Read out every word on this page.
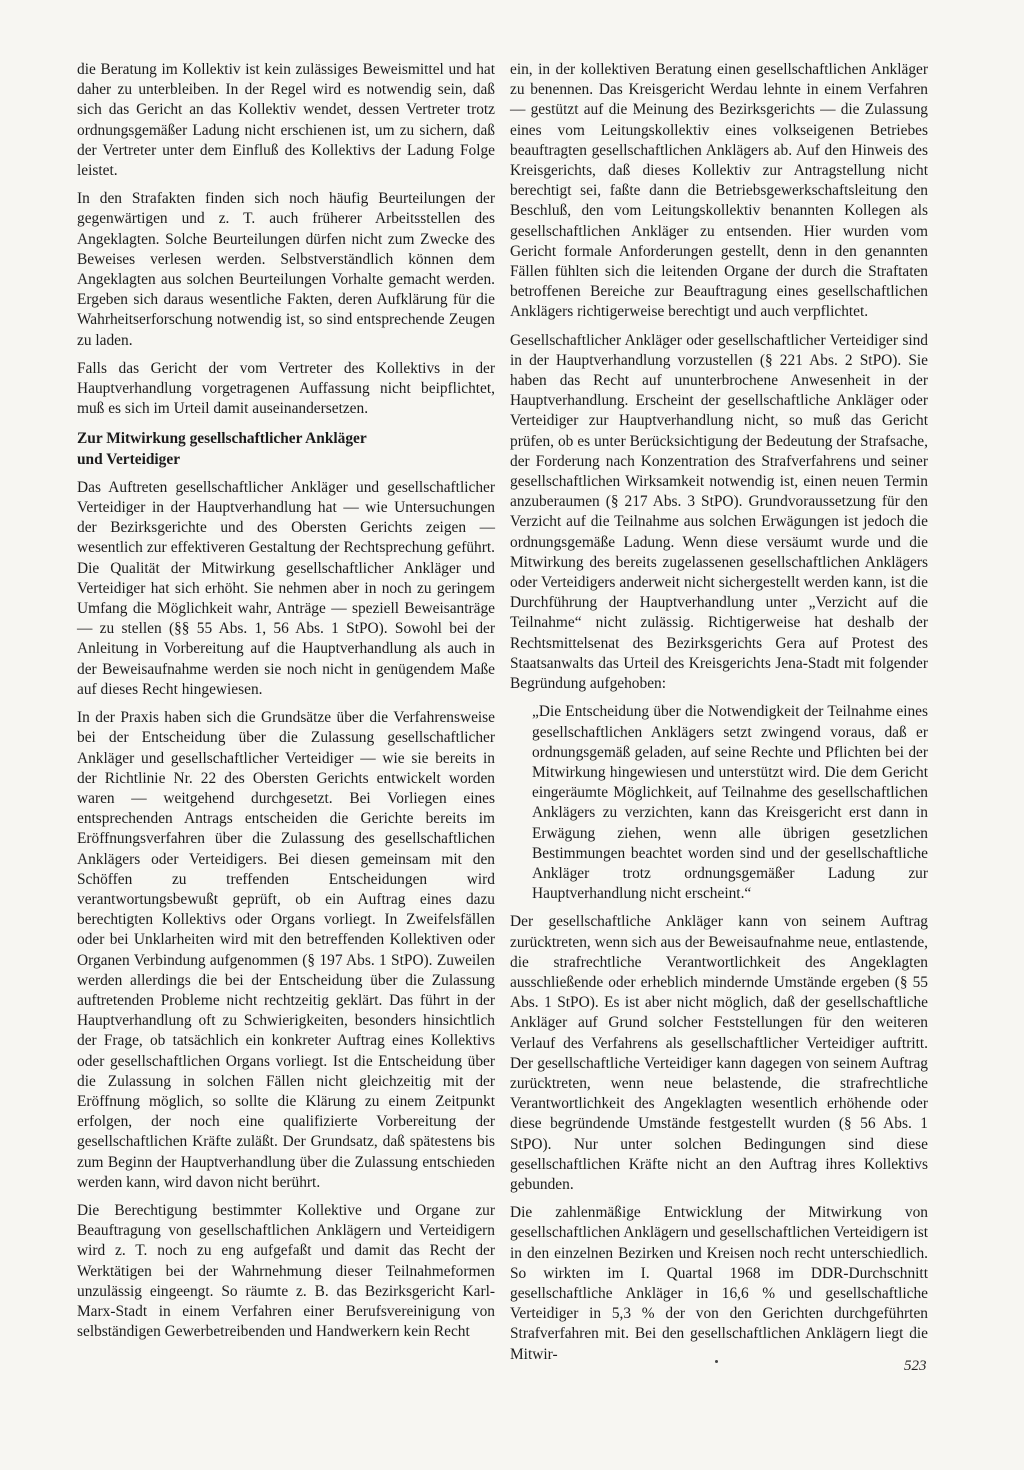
die Beratung im Kollektiv ist kein zulässiges Beweismittel und hat daher zu unterbleiben. In der Regel wird es notwendig sein, daß sich das Gericht an das Kollektiv wendet, dessen Vertreter trotz ordnungsgemäßer Ladung nicht erschienen ist, um zu sichern, daß der Vertreter unter dem Einfluß des Kollektivs der Ladung Folge leistet.

In den Strafakten finden sich noch häufig Beurteilungen der gegenwärtigen und z. T. auch früherer Arbeitsstellen des Angeklagten. Solche Beurteilungen dürfen nicht zum Zwecke des Beweises verlesen werden. Selbstverständlich können dem Angeklagten aus solchen Beurteilungen Vorhalte gemacht werden. Ergeben sich daraus wesentliche Fakten, deren Aufklärung für die Wahrheitserforschung notwendig ist, so sind entsprechende Zeugen zu laden.

Falls das Gericht der vom Vertreter des Kollektivs in der Hauptverhandlung vorgetragenen Auffassung nicht beipflichtet, muß es sich im Urteil damit auseinandersetzen.

Zur Mitwirkung gesellschaftlicher Ankläger
und Verteidiger

Das Auftreten gesellschaftlicher Ankläger und gesellschaftlicher Verteidiger in der Hauptverhandlung hat — wie Untersuchungen der Bezirksgerichte und des Obersten Gerichts zeigen — wesentlich zur effektiveren Gestaltung der Rechtsprechung geführt. Die Qualität der Mitwirkung gesellschaftlicher Ankläger und Verteidiger hat sich erhöht. Sie nehmen aber in noch zu geringem Umfang die Möglichkeit wahr, Anträge — speziell Beweisanträge — zu stellen (§§ 55 Abs. 1, 56 Abs. 1 StPO). Sowohl bei der Anleitung in Vorbereitung auf die Hauptverhandlung als auch in der Beweisaufnahme werden sie noch nicht in genügendem Maße auf dieses Recht hingewiesen.

In der Praxis haben sich die Grundsätze über die Verfahrensweise bei der Entscheidung über die Zulassung gesellschaftlicher Ankläger und gesellschaftlicher Verteidiger — wie sie bereits in der Richtlinie Nr. 22 des Obersten Gerichts entwickelt worden waren — weitgehend durchgesetzt. Bei Vorliegen eines entsprechenden Antrags entscheiden die Gerichte bereits im Eröffnungsverfahren über die Zulassung des gesellschaftlichen Anklägers oder Verteidigers. Bei diesen gemeinsam mit den Schöffen zu treffenden Entscheidungen wird verantwortungsbewußt geprüft, ob ein Auftrag eines dazu berechtigten Kollektivs oder Organs vorliegt. In Zweifelsfällen oder bei Unklarheiten wird mit den betreffenden Kollektiven oder Organen Verbindung aufgenommen (§ 197 Abs. 1 StPO). Zuweilen werden allerdings die bei der Entscheidung über die Zulassung auftretenden Probleme nicht rechtzeitig geklärt. Das führt in der Hauptverhandlung oft zu Schwierigkeiten, besonders hinsichtlich der Frage, ob tatsächlich ein konkreter Auftrag eines Kollektivs oder gesellschaftlichen Organs vorliegt. Ist die Entscheidung über die Zulassung in solchen Fällen nicht gleichzeitig mit der Eröffnung möglich, so sollte die Klärung zu einem Zeitpunkt erfolgen, der noch eine qualifizierte Vorbereitung der gesellschaftlichen Kräfte zuläßt. Der Grundsatz, daß spätestens bis zum Beginn der Hauptverhandlung über die Zulassung entschieden werden kann, wird davon nicht berührt.

Die Berechtigung bestimmter Kollektive und Organe zur Beauftragung von gesellschaftlichen Anklägern und Verteidigern wird z. T. noch zu eng aufgefaßt und damit das Recht der Werktätigen bei der Wahrnehmung dieser Teilnahmeformen unzulässig eingeengt. So räumte z. B. das Bezirksgericht Karl-Marx-Stadt in einem Verfahren einer Berufsvereinigung von selbständigen Gewerbetreibenden und Handwerkern kein Recht

ein, in der kollektiven Beratung einen gesellschaftlichen Ankläger zu benennen. Das Kreisgericht Werdau lehnte in einem Verfahren — gestützt auf die Meinung des Bezirksgerichts — die Zulassung eines vom Leitungskollektiv eines volkseigenen Betriebes beauftragten gesellschaftlichen Anklägers ab. Auf den Hinweis des Kreisgerichts, daß dieses Kollektiv zur Antragstellung nicht berechtigt sei, faßte dann die Betriebsgewerkschaftsleitung den Beschluß, den vom Leitungskollektiv benannten Kollegen als gesellschaftlichen Ankläger zu entsenden. Hier wurden vom Gericht formale Anforderungen gestellt, denn in den genannten Fällen fühlten sich die leitenden Organe der durch die Straftaten betroffenen Bereiche zur Beauftragung eines gesellschaftlichen Anklägers richtigerweise berechtigt und auch verpflichtet.

Gesellschaftlicher Ankläger oder gesellschaftlicher Verteidiger sind in der Hauptverhandlung vorzustellen (§ 221 Abs. 2 StPO). Sie haben das Recht auf ununterbrochene Anwesenheit in der Hauptverhandlung. Erscheint der gesellschaftliche Ankläger oder Verteidiger zur Hauptverhandlung nicht, so muß das Gericht prüfen, ob es unter Berücksichtigung der Bedeutung der Strafsache, der Forderung nach Konzentration des Strafverfahrens und seiner gesellschaftlichen Wirksamkeit notwendig ist, einen neuen Termin anzuberaumen (§ 217 Abs. 3 StPO). Grundvoraussetzung für den Verzicht auf die Teilnahme aus solchen Erwägungen ist jedoch die ordnungsgemäße Ladung. Wenn diese versäumt wurde und die Mitwirkung des bereits zugelassenen gesellschaftlichen Anklägers oder Verteidigers anderweit nicht sichergestellt werden kann, ist die Durchführung der Hauptverhandlung unter „Verzicht auf die Teilnahme“ nicht zulässig. Richtigerweise hat deshalb der Rechtsmittelsenat des Bezirksgerichts Gera auf Protest des Staatsanwalts das Urteil des Kreisgerichts Jena-Stadt mit folgender Begründung aufgehoben:

„Die Entscheidung über die Notwendigkeit der Teilnahme eines gesellschaftlichen Anklägers setzt zwingend voraus, daß er ordnungsgemäß geladen, auf seine Rechte und Pflichten bei der Mitwirkung hingewiesen und unterstützt wird. Die dem Gericht eingeräumte Möglichkeit, auf Teilnahme des gesellschaftlichen Anklägers zu verzichten, kann das Kreisgericht erst dann in Erwägung ziehen, wenn alle übrigen gesetzlichen Bestimmungen beachtet worden sind und der gesellschaftliche Ankläger trotz ordnungsgemäßer Ladung zur Hauptverhandlung nicht erscheint.“

Der gesellschaftliche Ankläger kann von seinem Auftrag zurücktreten, wenn sich aus der Beweisaufnahme neue, entlastende, die strafrechtliche Verantwortlichkeit des Angeklagten ausschließende oder erheblich mindernde Umstände ergeben (§ 55 Abs. 1 StPO). Es ist aber nicht möglich, daß der gesellschaftliche Ankläger auf Grund solcher Feststellungen für den weiteren Verlauf des Verfahrens als gesellschaftlicher Verteidiger auftritt. Der gesellschaftliche Verteidiger kann dagegen von seinem Auftrag zurücktreten, wenn neue belastende, die strafrechtliche Verantwortlichkeit des Angeklagten wesentlich erhöhende oder diese begründende Umstände festgestellt wurden (§ 56 Abs. 1 StPO). Nur unter solchen Bedingungen sind diese gesellschaftlichen Kräfte nicht an den Auftrag ihres Kollektivs gebunden.

Die zahlenmäßige Entwicklung der Mitwirkung von gesellschaftlichen Anklägern und gesellschaftlichen Verteidigern ist in den einzelnen Bezirken und Kreisen noch recht unterschiedlich. So wirkten im I. Quartal 1968 im DDR-Durchschnitt gesellschaftliche Ankläger in 16,6 % und gesellschaftliche Verteidiger in 5,3 % der von den Gerichten durchgeführten Strafverfahren mit. Bei den gesellschaftlichen Anklägern liegt die Mitwir-

523
